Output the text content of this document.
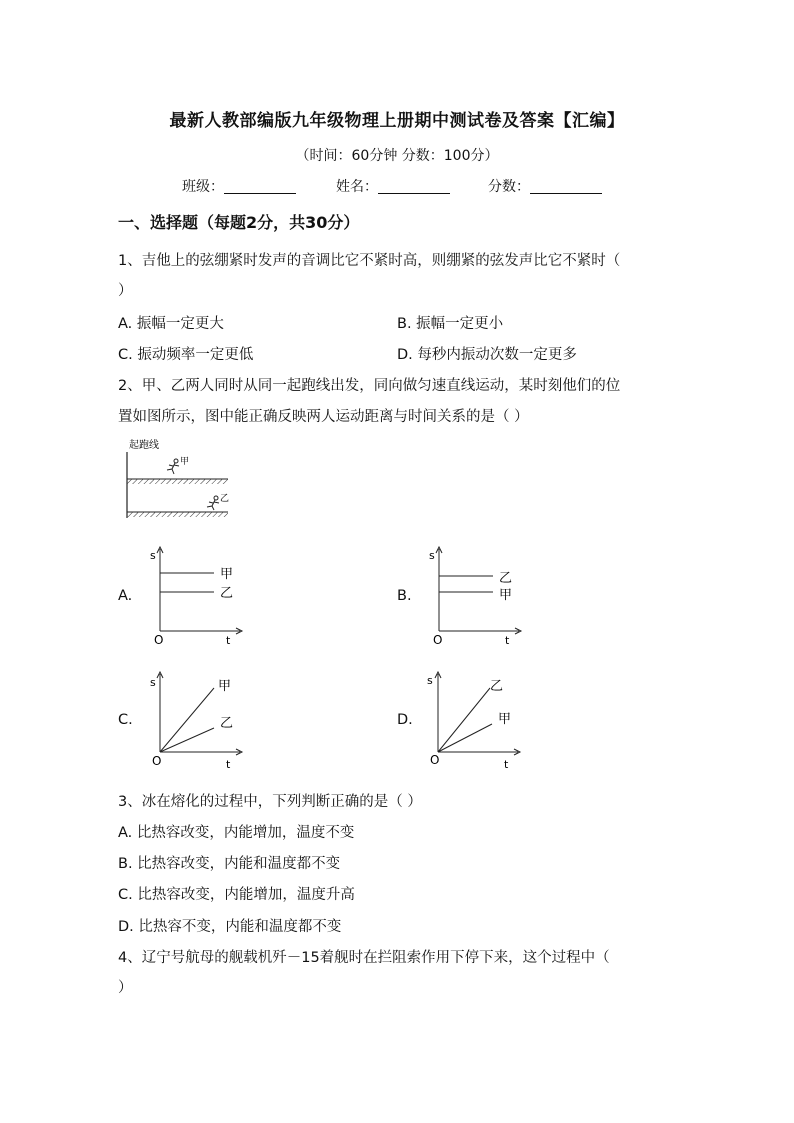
最新人教部编版九年级物理上册期中测试卷及答案【汇编】
（时间：60分钟 分数：100分）
班级：	姓名：	分数：
一、选择题（每题2分，共30分）
1、吉他上的弦绷紧时发声的音调比它不紧时高，则绷紧的弦发声比它不紧时（
）
A. 振幅一定更大	B. 振幅一定更小
C. 振动频率一定更低	D. 每秒内振动次数一定更多
2、甲、乙两人同时从同一起跑线出发，同向做匀速直线运动，某时刻他们的位
置如图所示，图中能正确反映两人运动距离与时间关系的是（ ）
起跑线
甲
乙
A.
s
t
O
甲
乙	B.
s
t
O
乙
甲
C.
s
t
O
甲
乙	D.
s
t
O
乙
甲
3、冰在熔化的过程中，下列判断正确的是（ ）
A. 比热容改变，内能增加，温度不变
B. 比热容改变，内能和温度都不变
C. 比热容改变，内能增加，温度升高
D. 比热容不变，内能和温度都不变
4、辽宁号航母的舰载机歼－15着舰时在拦阻索作用下停下来，这个过程中（
）
